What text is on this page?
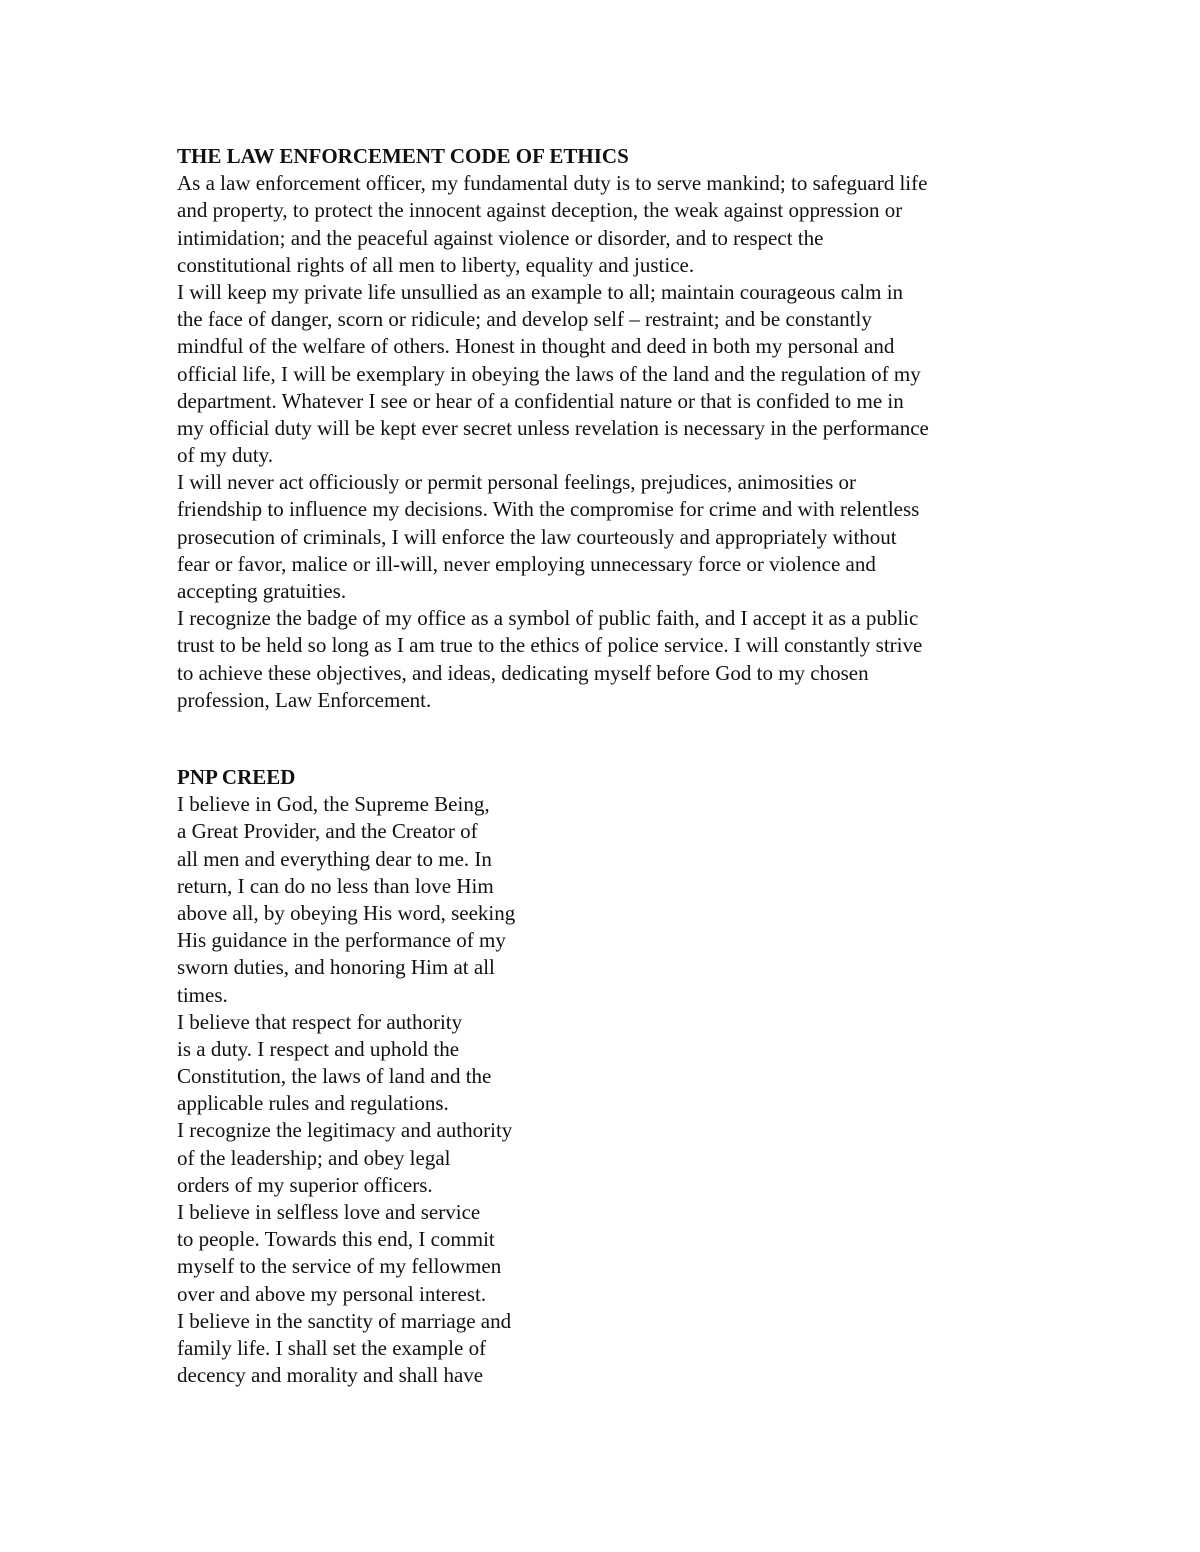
THE LAW ENFORCEMENT CODE OF ETHICS
As a law enforcement officer, my fundamental duty is to serve mankind; to safeguard life
and property, to protect the innocent against deception, the weak against oppression or
intimidation; and the peaceful against violence or disorder, and to respect the
constitutional rights of all men to liberty, equality and justice.
I will keep my private life unsullied as an example to all; maintain courageous calm in
the face of danger, scorn or ridicule; and develop self – restraint; and be constantly
mindful of the welfare of others. Honest in thought and deed in both my personal and
official life, I will be exemplary in obeying the laws of the land and the regulation of my
department. Whatever I see or hear of a confidential nature or that is confided to me in
my official duty will be kept ever secret unless revelation is necessary in the performance
of my duty.
I will never act officiously or permit personal feelings, prejudices, animosities or
friendship to influence my decisions. With the compromise for crime and with relentless
prosecution of criminals, I will enforce the law courteously and appropriately without
fear or favor, malice or ill-will, never employing unnecessary force or violence and
accepting gratuities.
I recognize the badge of my office as a symbol of public faith, and I accept it as a public
trust to be held so long as I am true to the ethics of police service. I will constantly strive
to achieve these objectives, and ideas, dedicating myself before God to my chosen
profession, Law Enforcement.
PNP CREED
I believe in God, the Supreme Being,
a Great Provider, and the Creator of
all men and everything dear to me. In
return, I can do no less than love Him
above all, by obeying His word, seeking
His guidance in the performance of my
sworn duties, and honoring Him at all
times.
I believe that respect for authority
is a duty. I respect and uphold the
Constitution, the laws of land and the
applicable rules and regulations.
I recognize the legitimacy and authority
of the leadership; and obey legal
orders of my superior officers.
I believe in selfless love and service
to people. Towards this end, I commit
myself to the service of my fellowmen
over and above my personal interest.
I believe in the sanctity of marriage and
family life. I shall set the example of
decency and morality and shall have
